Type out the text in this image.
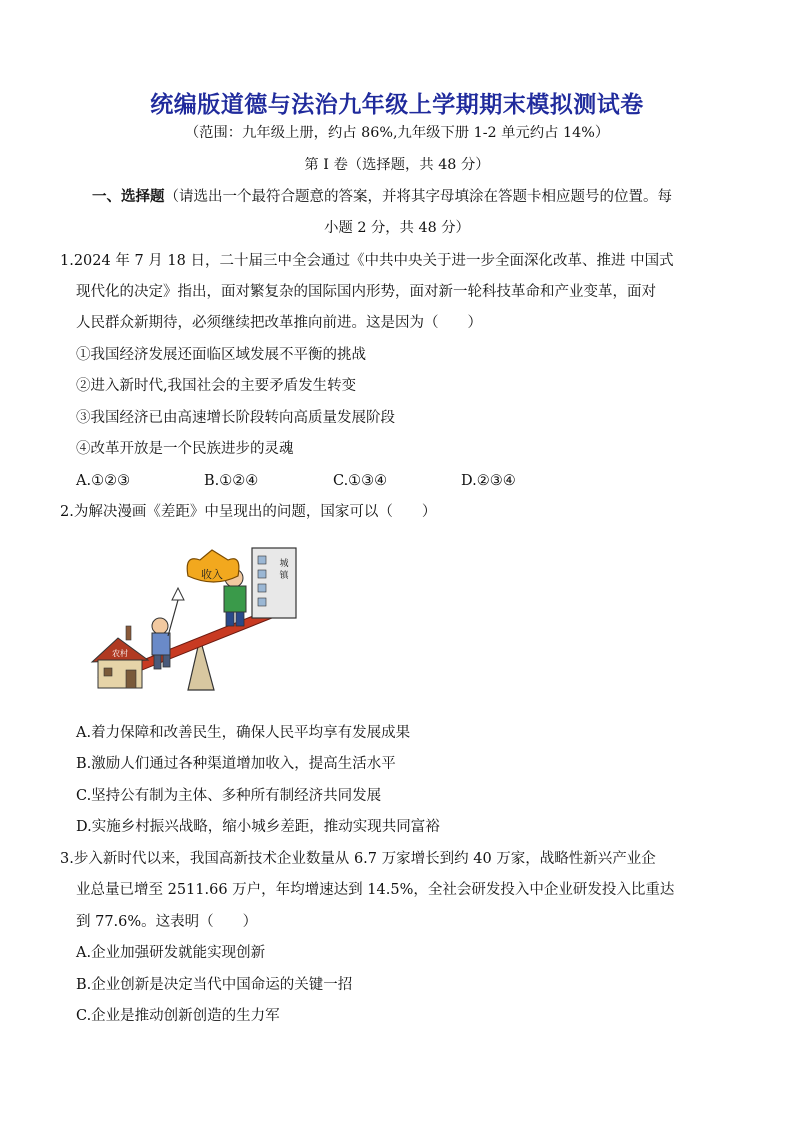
统编版道德与法治九年级上学期期末模拟测试卷
（范围：九年级上册，约占 86%,九年级下册 1-2 单元约占 14%）
第 I 卷（选择题，共 48 分）
一、选择题（请选出一个最符合题意的答案，并将其字母填涂在答题卡相应题号的位置。每
小题 2 分，共 48 分）
1.2024 年 7 月 18 日，二十届三中全会通过《中共中央关于进一步全面深化改革、推进 中国式
现代化的决定》指出，面对繁复杂的国际国内形势，面对新一轮科技革命和产业变革，面对
人民群众新期待，必须继续把改革推向前进。这是因为（　　）
①我国经济发展还面临区域发展不平衡的挑战
②进入新时代,我国社会的主要矛盾发生转变
③我国经济已由高速增长阶段转向高质量发展阶段
④改革开放是一个民族进步的灵魂
A.①②③	B.①②④	C.①③④	D.②③④
2.为解决漫画《差距》中呈现出的问题，国家可以（　　）
城
镇
收入
农村
A.着力保障和改善民生，确保人民平均享有发展成果
B.激励人们通过各种渠道增加收入，提高生活水平
C.坚持公有制为主体、多种所有制经济共同发展
D.实施乡村振兴战略，缩小城乡差距，推动实现共同富裕
3.步入新时代以来，我国高新技术企业数量从 6.7 万家增长到约 40 万家，战略性新兴产业企
业总量已增至 2511.66 万户，年均增速达到 14.5%，全社会研发投入中企业研发投入比重达
到 77.6%。这表明（　　）
A.企业加强研发就能实现创新
B.企业创新是决定当代中国命运的关键一招
C.企业是推动创新创造的生力军
